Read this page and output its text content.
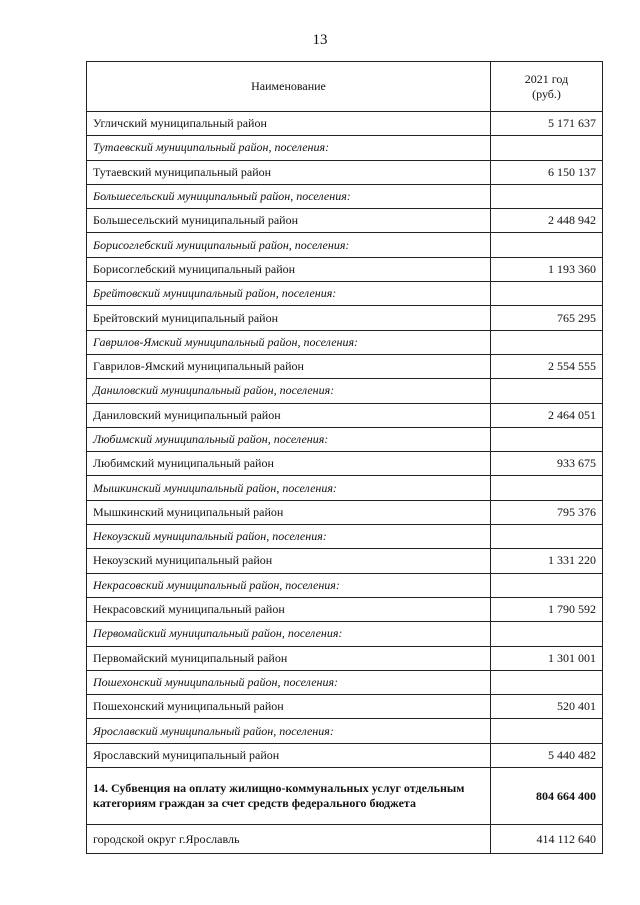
13
Наименование	2021 год
(руб.)
Угличский муниципальный район	5 171 637
Тутаевский муниципальный район, поселения:	
Тутаевский муниципальный район	6 150 137
Большесельский муниципальный район, поселения:	
Большесельский муниципальный район	2 448 942
Борисоглебский муниципальный район, поселения:	
Борисоглебский муниципальный район	1 193 360
Брейтовский муниципальный район, поселения:	
Брейтовский муниципальный район	765 295
Гаврилов-Ямский муниципальный район, поселения:	
Гаврилов-Ямский муниципальный район	2 554 555
Даниловский муниципальный район, поселения:	
Даниловский муниципальный район	2 464 051
Любимский муниципальный район, поселения:	
Любимский муниципальный район	933 675
Мышкинский муниципальный район, поселения:	
Мышкинский муниципальный район	795 376
Некоузский муниципальный район, поселения:	
Некоузский муниципальный район	1 331 220
Некрасовский муниципальный район, поселения:	
Некрасовский муниципальный район	1 790 592
Первомайский муниципальный район, поселения:	
Первомайский муниципальный район	1 301 001
Пошехонский муниципальный район, поселения:	
Пошехонский муниципальный район	520 401
Ярославский муниципальный район, поселения:	
Ярославский муниципальный район	5 440 482
14. Субвенция на оплату жилищно-коммунальных услуг отдельным категориям граждан за счет средств федерального бюджета	804 664 400
городской округ г.Ярославль	414 112 640
